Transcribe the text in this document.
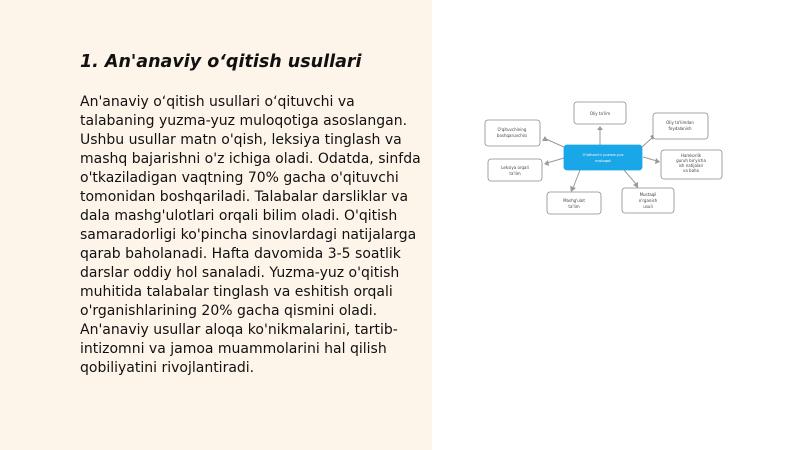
1. An'anaviy o‘qitish usullari

An'anaviy o‘qitish usullari o‘qituvchi va talabaning yuzma-yuz muloqotiga asoslangan. Ushbu usullar matn o'qish, leksiya tinglash va mashq bajarishni o'z ichiga oladi. Odatda, sinfda o'tkaziladigan vaqtning 70% gacha o'qituvchi tomonidan boshqariladi. Talabalar darsliklar va dala mashg'ulotlari orqali bilim oladi. O'qitish samaradorligi ko'pincha sinovlardagi natijalarga qarab baholanadi. Hafta davomida 3-5 soatlik darslar oddiy hol sanaladi. Yuzma-yuz o'qitish muhitida talabalar tinglash va eshitish orqali o'rganishlarining 20% gacha qismini oladi. An'anaviy usullar aloqa ko'nikmalarini, tartib-intizomni va jamoa muammolarini hal qilish qobiliyatini rivojlantiradi.

Oliy ta'lim
O'qituvchining
boshqaruvchisi
Oliy ta'limdan
foydalanish
O'qituvchi yuzma-yuz
muloqot
Leksiya orqali
ta'lim
Hamkorlik
guruh bo'yicha
ish natijalari
va baho
Mashg'ulot
ta'lim
Mustaqil
o'rganish
usuli
